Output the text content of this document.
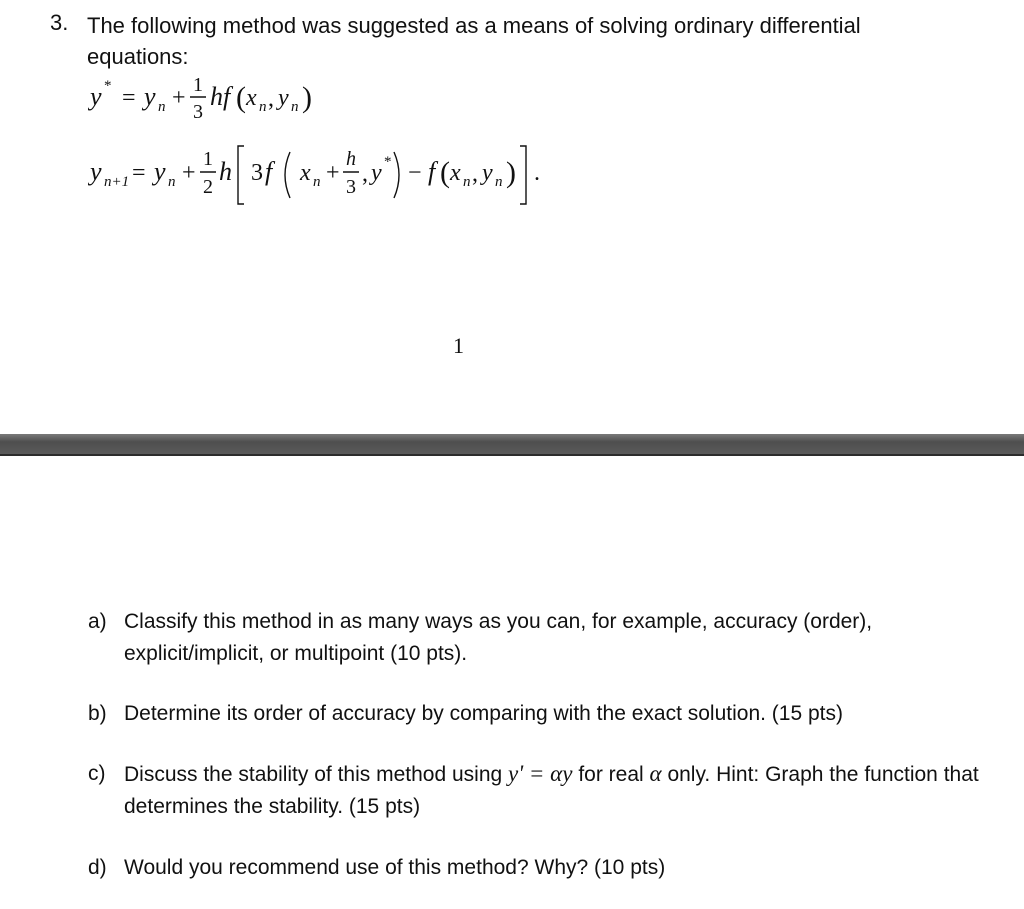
3. The following method was suggested as a means of solving ordinary differential equations:
y * = y n + 1
3
hf ( x n , y n )
y n+1 = y n +
1
2
h 3 f x n +
h
3 , y * − f ( x n , y n ) .
1
a) Classify this method in as many ways as you can, for example, accuracy (order), explicit/implicit, or multipoint (10 pts).
b) Determine its order of accuracy by comparing with the exact solution. (15 pts)
c) Discuss the stability of this method using y' = αy for real α only. Hint: Graph the function that determines the stability. (15 pts)
d) Would you recommend use of this method? Why? (10 pts)
